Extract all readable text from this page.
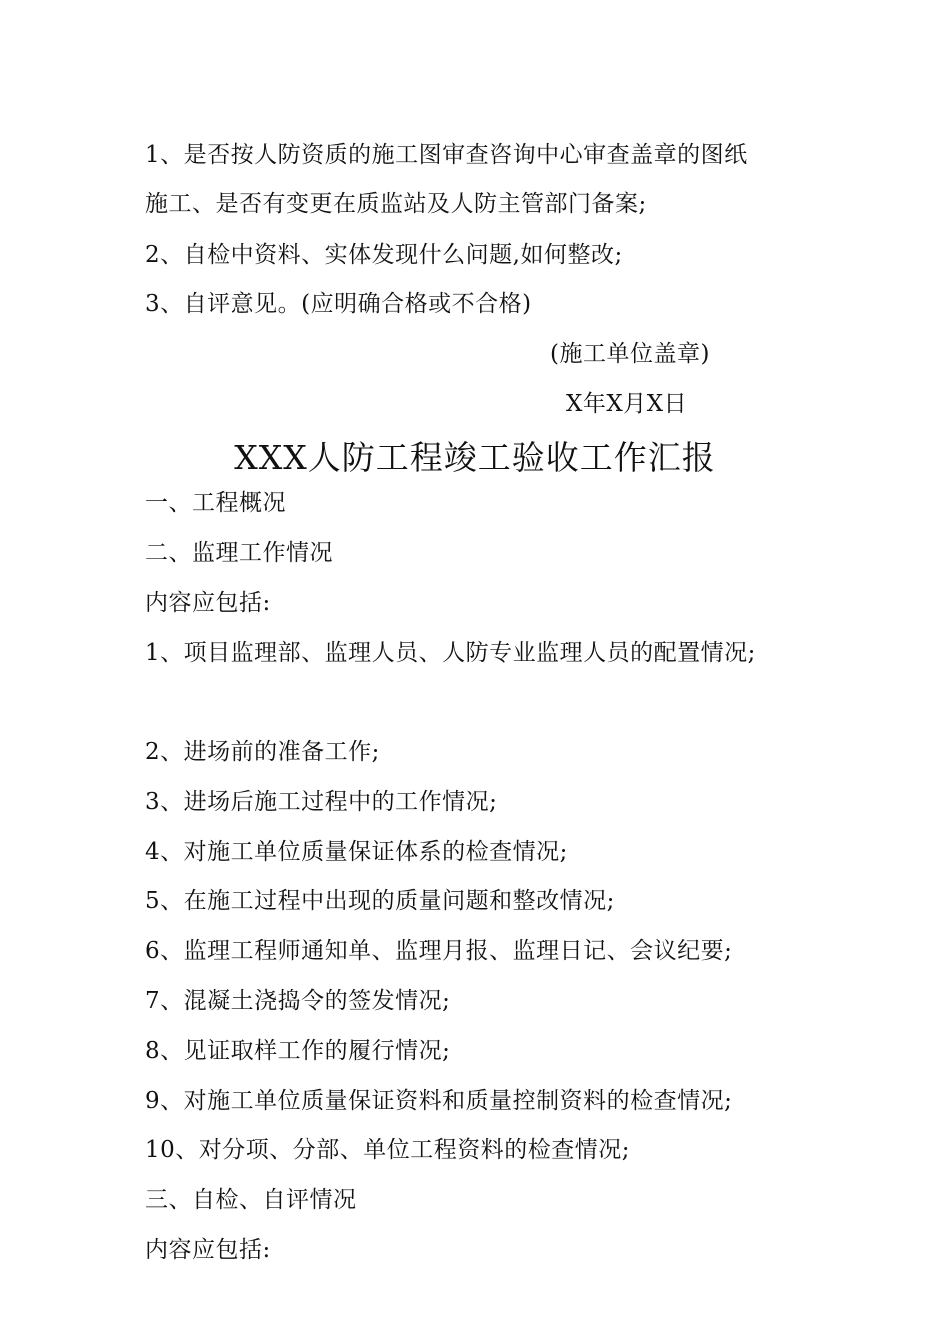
1、是否按人防资质的施工图审查咨询中心审查盖章的图纸
施工、是否有变更在质监站及人防主管部门备案;
2、自检中资料、实体发现什么问题,如何整改;
3、自评意见。(应明确合格或不合格)
(施工单位盖章)
X年X月X日
XXX人防工程竣工验收工作汇报
一、工程概况
二、监理工作情况
内容应包括:
1、项目监理部、监理人员、人防专业监理人员的配置情况;
2、进场前的准备工作;
3、进场后施工过程中的工作情况;
4、对施工单位质量保证体系的检查情况;
5、在施工过程中出现的质量问题和整改情况;
6、监理工程师通知单、监理月报、监理日记、会议纪要;
7、混凝土浇捣令的签发情况;
8、见证取样工作的履行情况;
9、对施工单位质量保证资料和质量控制资料的检查情况;
10、对分项、分部、单位工程资料的检查情况;
三、自检、自评情况
内容应包括:
